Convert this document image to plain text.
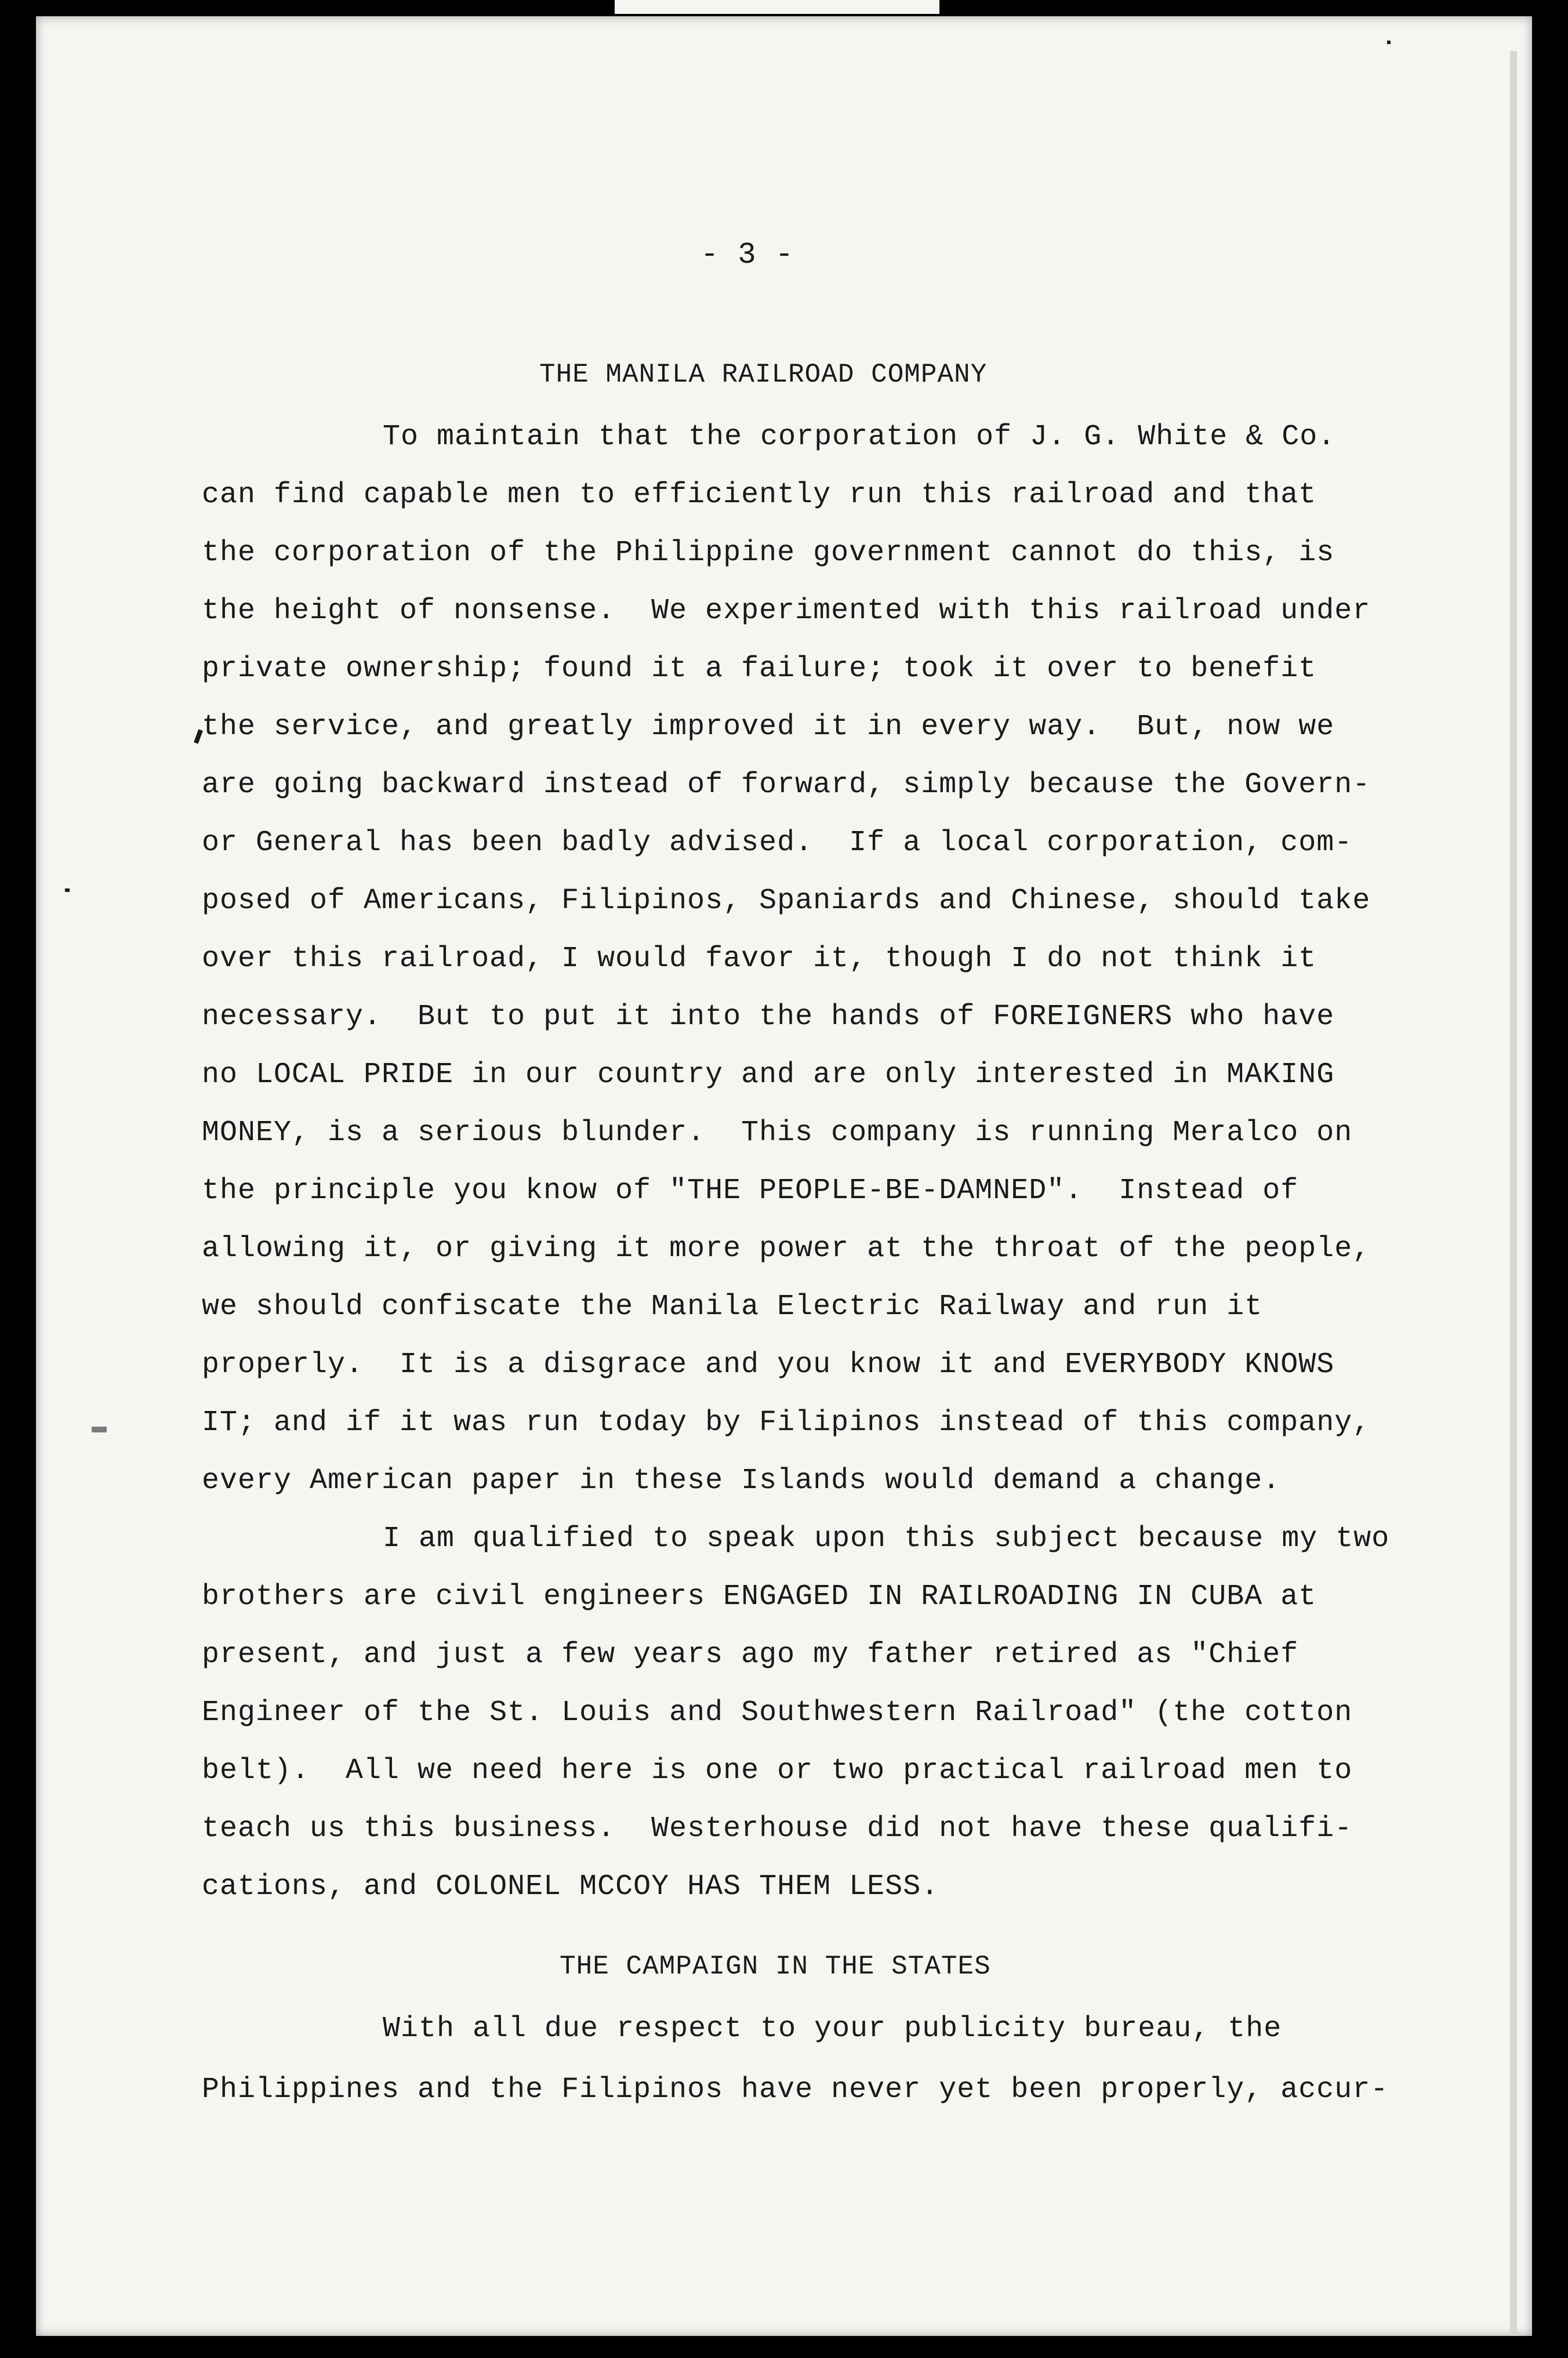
- 3 -
THE MANILA RAILROAD COMPANY
To maintain that the corporation of J. G. White & Co.
can find capable men to efficiently run this railroad and that
the corporation of the Philippine government cannot do this, is
the height of nonsense.  We experimented with this railroad under
private ownership; found it a failure; took it over to benefit
the service, and greatly improved it in every way.  But, now we
are going backward instead of forward, simply because the Govern-
or General has been badly advised.  If a local corporation, com-
posed of Americans, Filipinos, Spaniards and Chinese, should take
over this railroad, I would favor it, though I do not think it
necessary.  But to put it into the hands of FOREIGNERS who have
no LOCAL PRIDE in our country and are only interested in MAKING
MONEY, is a serious blunder.  This company is running Meralco on
the principle you know of "THE PEOPLE-BE-DAMNED".  Instead of
allowing it, or giving it more power at the throat of the people,
we should confiscate the Manila Electric Railway and run it
properly.  It is a disgrace and you know it and EVERYBODY KNOWS
IT; and if it was run today by Filipinos instead of this company,
every American paper in these Islands would demand a change.
I am qualified to speak upon this subject because my two
brothers are civil engineers ENGAGED IN RAILROADING IN CUBA at
present, and just a few years ago my father retired as "Chief
Engineer of the St. Louis and Southwestern Railroad" (the cotton
belt).  All we need here is one or two practical railroad men to
teach us this business.  Westerhouse did not have these qualifi-
cations, and COLONEL MCCOY HAS THEM LESS.
THE CAMPAIGN IN THE STATES
With all due respect to your publicity bureau, the
Philippines and the Filipinos have never yet been properly, accur-
